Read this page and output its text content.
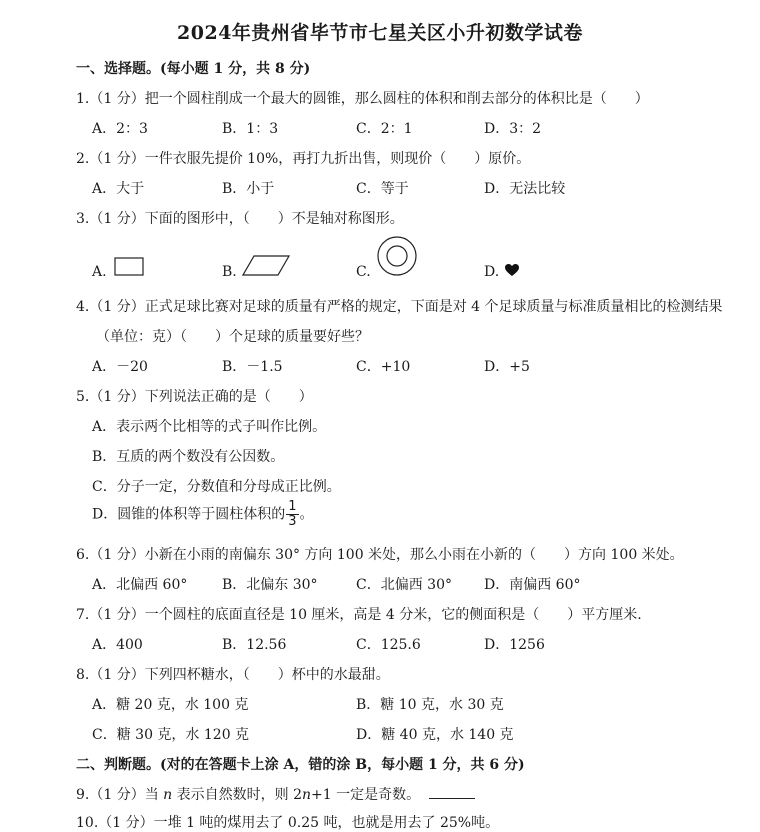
2024年贵州省毕节市七星关区小升初数学试卷
一、选择题。(每小题 1 分，共 8 分)
1.（1 分）把一个圆柱削成一个最大的圆锥，那么圆柱的体积和削去部分的体积比是（　　）
A．2：3	B．1：3	C．2：1	D．3：2
2.（1 分）一件衣服先提价 10%，再打九折出售，则现价（　　）原价。
A．大于	B．小于	C．等于	D．无法比较
3.（1 分）下面的图形中，（　　）不是轴对称图形。
A.	B.	C.	D.
4.（1 分）正式足球比赛对足球的质量有严格的规定，下面是对 4 个足球质量与标准质量相比的检测结果
（单位：克）（　　）个足球的质量要好些？
A．－20	B．－1.5	C．+10	D．+5
5.（1 分）下列说法正确的是（　　）
A．表示两个比相等的式子叫作比例。
B．互质的两个数没有公因数。
C．分子一定，分数值和分母成正比例。
D．圆锥的体积等于圆柱体积的 $\frac{1}{3}$ 。
6.（1 分）小新在小雨的南偏东 30° 方向 100 米处，那么小雨在小新的（　　）方向 100 米处。
A．北偏西 60° B．北偏东 30°	C．北偏西 30° D．南偏西 60°
7.（1 分）一个圆柱的底面直径是 10 厘米，高是 4 分米，它的侧面积是（　　）平方厘米.
A．400	B．12.56	C．125.6	D．1256
8.（1 分）下列四杯糖水，（　　）杯中的水最甜。
A．糖 20 克，水 100 克	B．糖 10 克，水 30 克
C．糖 30 克，水 120 克	D．糖 40 克，水 140 克
二、判断题。(对的在答题卡上涂 A，错的涂 B，每小题 1 分，共 6 分)
9.（1 分）当 n 表示自然数时，则 2n+1 一定是奇数。
10.（1 分）一堆 1 吨的煤用去了 0.25 吨，也就是用去了 25%吨。
